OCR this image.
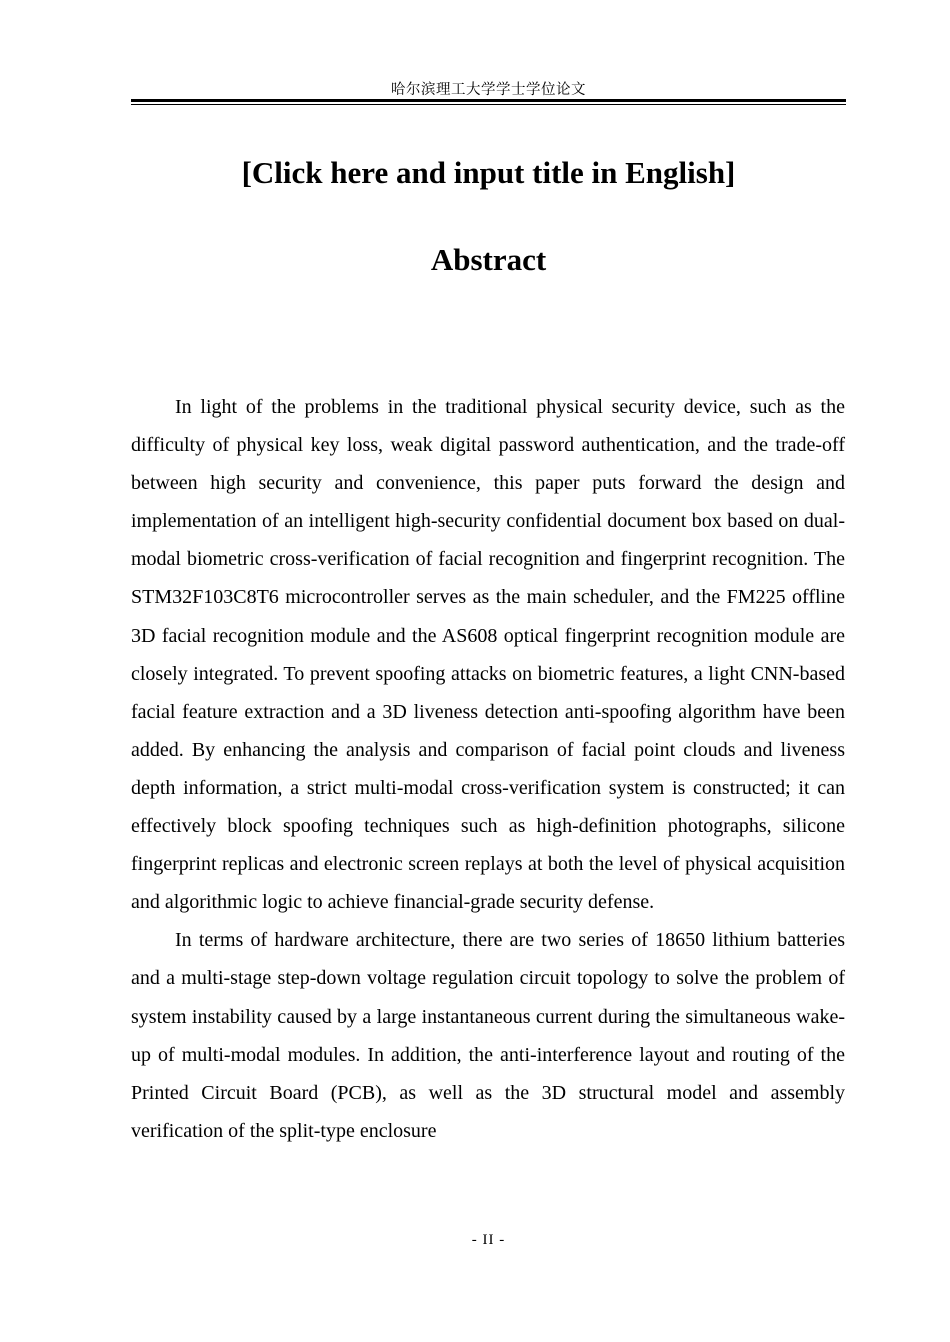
哈尔滨理工大学学士学位论文
[Click here and input title in English]
Abstract

In light of the problems in the traditional physical security device, such as the difficulty of physical key loss, weak digital password authentication, and the trade-off between high security and convenience, this paper puts forward the design and implementation of an intelligent high-security confidential document box based on dual-modal biometric cross-verification of facial recognition and fingerprint recognition. The STM32F103C8T6 microcontroller serves as the main scheduler, and the FM225 offline 3D facial recognition module and the AS608 optical fingerprint recognition module are closely integrated. To prevent spoofing attacks on biometric features, a light CNN-based facial feature extraction and a 3D liveness detection anti-spoofing algorithm have been added. By enhancing the analysis and comparison of facial point clouds and liveness depth information, a strict multi-modal cross-verification system is constructed; it can effectively block spoofing techniques such as high-definition photographs, silicone fingerprint replicas and electronic screen replays at both the level of physical acquisition and algorithmic logic to achieve financial-grade security defense.

In terms of hardware architecture, there are two series of 18650 lithium batteries and a multi-stage step-down voltage regulation circuit topology to solve the problem of system instability caused by a large instantaneous current during the simultaneous wake-up of multi-modal modules. In addition, the anti-interference layout and routing of the Printed Circuit Board (PCB), as well as the 3D structural model and assembly verification of the split-type enclosure

- II -
